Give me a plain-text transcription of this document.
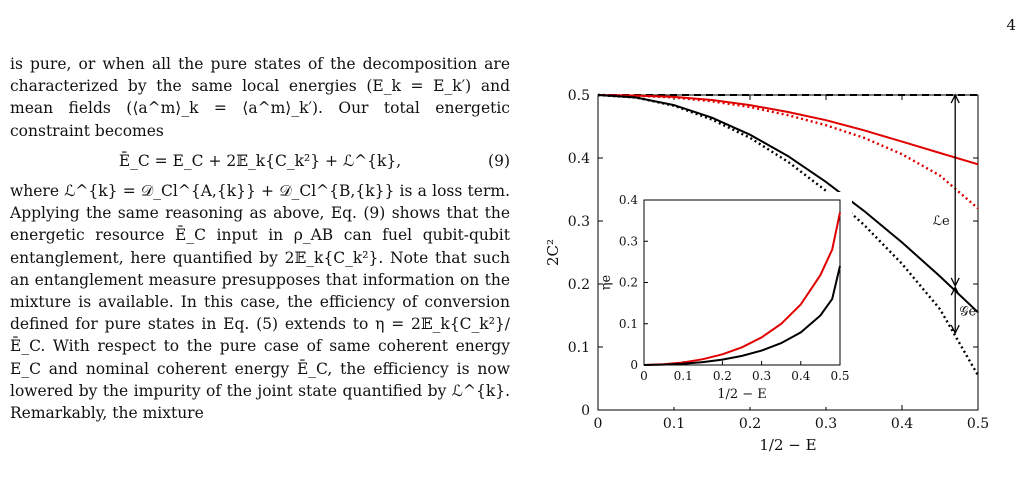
4

is pure, or when all the pure states of the decomposition are characterized by the same local energies (E_k = E_k′) and mean fields (⟨a^m⟩_k = ⟨a^m⟩_k′). Our total energetic constraint becomes

Ē_C = E_C + 2𝔼_k{C_k²} + ℒ^{k},	(9)

where ℒ^{k} = 𝒟_Cl^{A,{k}} + 𝒟_Cl^{B,{k}} is a loss term. Applying the same reasoning as above, Eq. (9) shows that the energetic resource Ē_C input in ρ_AB can fuel qubit-qubit entanglement, here quantified by 2𝔼_k{C_k²}. Note that such an entanglement measure presupposes that information on the mixture is available. In this case, the efficiency of conversion defined for pure states in Eq. (5) extends to η = 2𝔼_k{C_k²}/Ē_C. With respect to the pure case of same coherent energy E_C and nominal coherent energy Ē_C, the efficiency is now lowered by the impurity of the joint state quantified by ℒ^{k}. Remarkably, the mixture

0	0.1	0.2	0.3	0.4	0.5
0
0.1
0.2
0.3
0.4
0.5
1/2 − E
2C²
ℒe
𝒢e
0 0.1 0.2 0.3 0.4 0.5
0
0.1
0.2
0.3
0.4
1/2 − E
ηe
